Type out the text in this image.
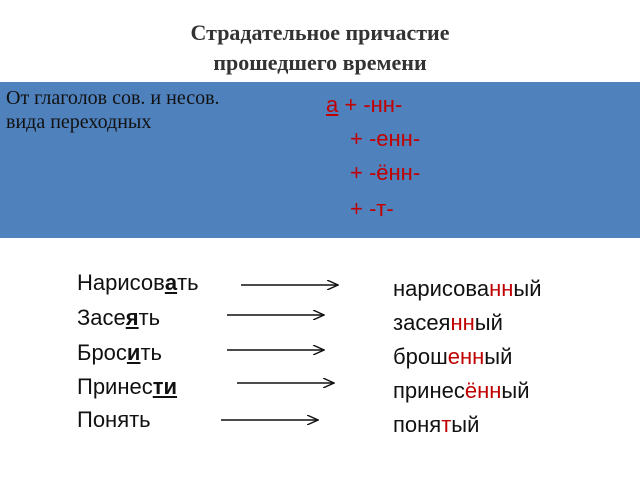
Страдательное причастие
прошедшего времени
От глаголов сов. и несов.
вида переходных
а + -нн-
+ -енн-
+ -ённ-
+ -т-
Нарисовать
Засеять
Бросить
Принести
Понять
нарисованный
засеянный
брошенный
принесённый
понятый
